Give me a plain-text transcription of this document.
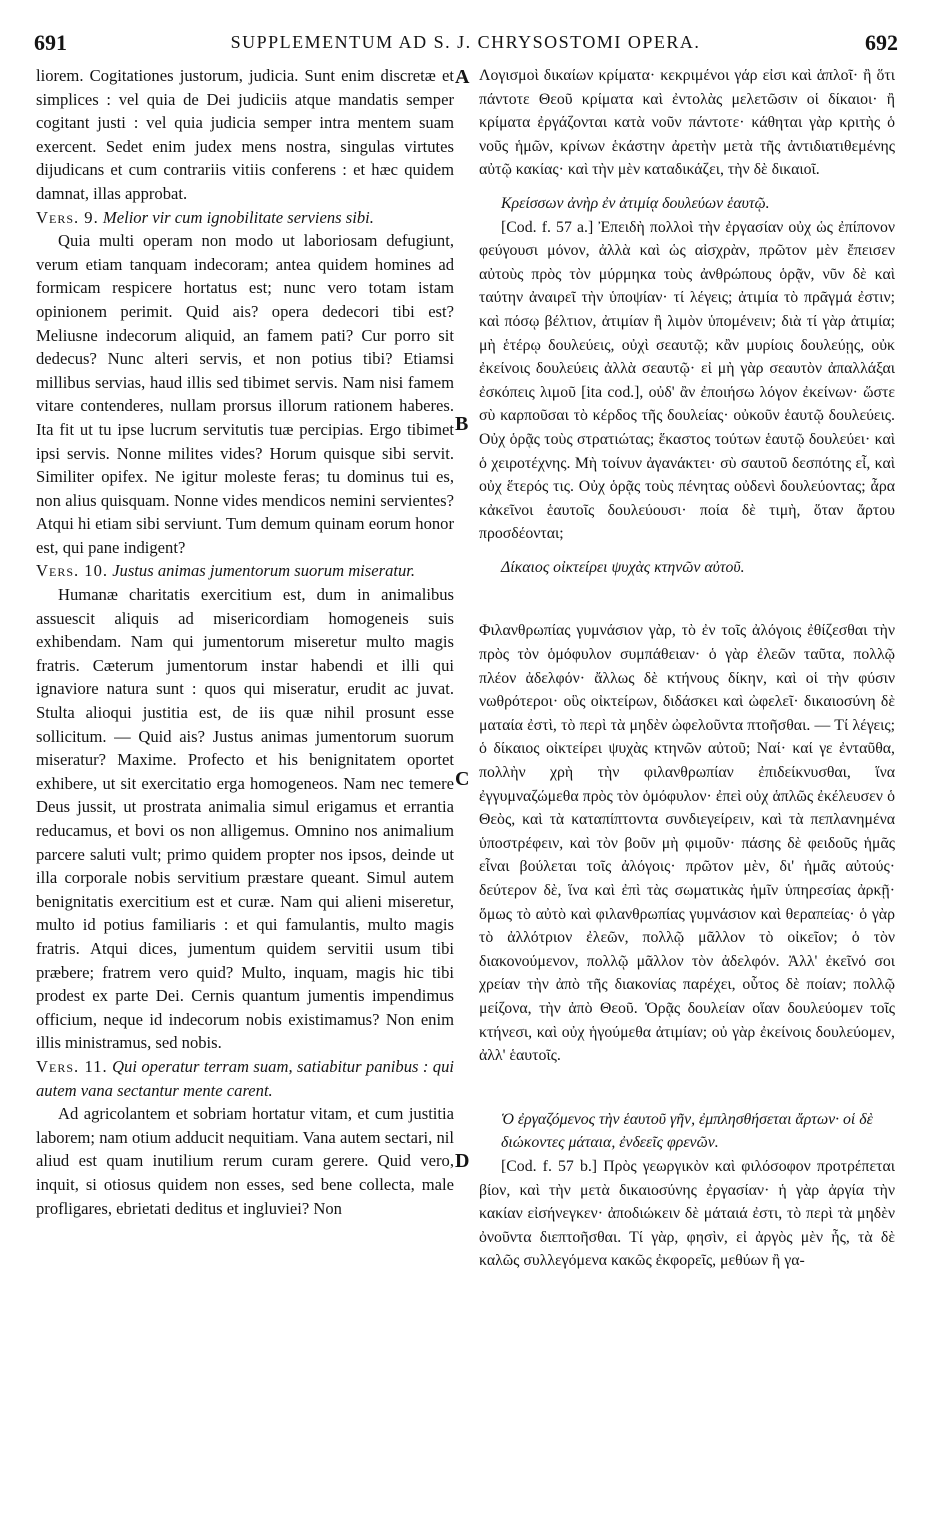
691	SUPPLEMENTUM AD S. J. CHRYSOSTOMI OPERA.	692
A
B
C
D

liorem. Cogitationes justorum, judicia. Sunt enim discretæ et simplices : vel quia de Dei judiciis atque mandatis semper cogitant justi : vel quia judicia semper intra mentem suam exercent. Sedet enim judex mens nostra, singulas virtutes dijudicans et cum contrariis vitiis conferens : et hæc quidem damnat, illas approbat.

Vers. 9. Melior vir cum ignobilitate serviens sibi.

Quia multi operam non modo ut laboriosam defugiunt, verum etiam tanquam indecoram; antea quidem homines ad formicam respicere hortatus est; nunc vero totam istam opinionem perimit. Quid ais? opera dedecori tibi est? Meliusne indecorum aliquid, an famem pati? Cur porro sit dedecus? Nunc alteri servis, et non potius tibi? Etiamsi millibus servias, haud illis sed tibimet servis. Nam nisi famem vitare contenderes, nullam prorsus illorum rationem haberes. Ita fit ut tu ipse lucrum servitutis tuæ percipias. Ergo tibimet ipsi servis. Nonne milites vides? Horum quisque sibi servit. Similiter opifex. Ne igitur moleste feras; tu dominus tui es, non alius quisquam. Nonne vides mendicos nemini servientes? Atqui hi etiam sibi serviunt. Tum demum quinam eorum honor est, qui pane indigent?

Vers. 10. Justus animas jumentorum suorum miseratur.

Humanæ charitatis exercitium est, dum in animalibus assuescit aliquis ad misericordiam homogeneis suis exhibendam. Nam qui jumentorum miseretur multo magis fratris. Cæterum jumentorum instar habendi et illi qui ignaviore natura sunt : quos qui miseratur, erudit ac juvat. Stulta alioqui justitia est, de iis quæ nihil prosunt esse sollicitum. — Quid ais? Justus animas jumentorum suorum miseratur? Maxime. Profecto et his benignitatem oportet exhibere, ut sit exercitatio erga homogeneos. Nam nec temere Deus jussit, ut prostrata animalia simul erigamus et errantia reducamus, et bovi os non alligemus. Omnino nos animalium parcere saluti vult; primo quidem propter nos ipsos, deinde ut illa corporale nobis servitium præstare queant. Simul autem benignitatis exercitium est et curæ. Nam qui alieni miseretur, multo id potius familiaris : et qui famulantis, multo magis fratris. Atqui dices, jumentum quidem servitii usum tibi præbere; fratrem vero quid? Multo, inquam, magis hic tibi prodest ex parte Dei. Cernis quantum jumentis impendimus officium, neque id indecorum nobis existimamus? Non enim illis ministramus, sed nobis.

Vers. 11. Qui operatur terram suam, satiabitur panibus : qui autem vana sectantur mente carent.

Ad agricolantem et sobriam hortatur vitam, et cum justitia laborem; nam otium adducit nequitiam. Vana autem sectari, nil aliud est quam inutilium rerum curam gerere. Quid vero, inquit, si otiosus quidem non esses, sed bene collecta, male profligares, ebrietati deditus et ingluviei? Non

Λογισμοὶ δικαίων κρίματα· κεκριμένοι γάρ εἰσι καὶ ἁπλοῖ· ἢ ὅτι πάντοτε Θεοῦ κρίματα καὶ ἐντολὰς μελετῶσιν οἱ δίκαιοι· ἢ κρίματα ἐργάζονται κατὰ νοῦν πάντοτε· κάθηται γὰρ κριτὴς ὁ νοῦς ἡμῶν, κρίνων ἑκάστην ἀρετὴν μετὰ τῆς ἀντιδιατιθεμένης αὐτῷ κακίας· καὶ τὴν μὲν καταδικάζει, τὴν δὲ δικαιοῖ.

Κρείσσων ἀνὴρ ἐν ἀτιμίᾳ δουλεύων ἑαυτῷ.

[Cod. f. 57 a.] Ἐπειδὴ πολλοὶ τὴν ἐργασίαν οὐχ ὡς ἐπίπονον φεύγουσι μόνον, ἀλλὰ καὶ ὡς αἰσχρὰν, πρῶτον μὲν ἔπεισεν αὐτοὺς πρὸς τὸν μύρμηκα τοὺς ἀνθρώπους ὁρᾷν, νῦν δὲ καὶ ταύτην ἀναιρεῖ τὴν ὑποψίαν· τί λέγεις; ἀτιμία τὸ πρᾶγμά ἐστιν; καὶ πόσῳ βέλτιον, ἀτιμίαν ἢ λιμὸν ὑπομένειν; διὰ τί γὰρ ἀτιμία; μὴ ἑτέρῳ δουλεύεις, οὐχὶ σεαυτῷ; κἂν μυρίοις δουλεύῃς, οὐκ ἐκείνοις δουλεύεις ἀλλὰ σεαυτῷ· εἰ μὴ γὰρ σεαυτὸν ἀπαλλάξαι ἐσκόπεις λιμοῦ [ita cod.], οὐδ' ἂν ἐποιήσω λόγον ἐκείνων· ὥστε σὺ καρποῦσαι τὸ κέρδος τῆς δουλείας· οὐκοῦν ἑαυτῷ δουλεύεις. Οὐχ ὁρᾷς τοὺς στρατιώτας; ἕκαστος τούτων ἑαυτῷ δουλεύει· καὶ ὁ χειροτέχνης. Μὴ τοίνυν ἀγανάκτει· σὺ σαυτοῦ δεσπότης εἶ, καὶ οὐχ ἕτερός τις. Οὐχ ὁρᾷς τοὺς πένητας οὐδενὶ δουλεύοντας; ἆρα κἀκεῖνοι ἑαυτοῖς δουλεύουσι· ποία δὲ τιμὴ, ὅταν ἄρτου προσδέονται;

Δίκαιος οἰκτείρει ψυχὰς κτηνῶν αὐτοῦ.

Φιλανθρωπίας γυμνάσιον γὰρ, τὸ ἐν τοῖς ἀλόγοις ἐθίζεσθαι τὴν πρὸς τὸν ὁμόφυλον συμπάθειαν· ὁ γὰρ ἐλεῶν ταῦτα, πολλῷ πλέον ἀδελφόν· ἄλλως δὲ κτήνους δίκην, καὶ οἱ τὴν φύσιν νωθρότεροι· οὓς οἰκτείρων, διδάσκει καὶ ὠφελεῖ· δικαιοσύνη δὲ ματαία ἐστὶ, τὸ περὶ τὰ μηδὲν ὠφελοῦντα πτοῆσθαι. — Τί λέγεις; ὁ δίκαιος οἰκτείρει ψυχὰς κτηνῶν αὐτοῦ; Ναί· καί γε ἐνταῦθα, πολλὴν χρὴ τὴν φιλανθρωπίαν ἐπιδείκνυσθαι, ἵνα ἐγγυμναζώμεθα πρὸς τὸν ὁμόφυλον· ἐπεὶ οὐχ ἁπλῶς ἐκέλευσεν ὁ Θεὸς, καὶ τὰ καταπίπτοντα συνδιεγείρειν, καὶ τὰ πεπλανημένα ὑποστρέφειν, καὶ τὸν βοῦν μὴ φιμοῦν· πάσης δὲ φειδοῦς ἡμᾶς εἶναι βούλεται τοῖς ἀλόγοις· πρῶτον μὲν, δι' ἡμᾶς αὐτούς· δεύτερον δὲ, ἵνα καὶ ἐπὶ τὰς σωματικὰς ἡμῖν ὑπηρεσίας ἀρκῇ· ὅμως τὸ αὐτὸ καὶ φιλανθρωπίας γυμνάσιον καὶ θεραπείας· ὁ γὰρ τὸ ἀλλότριον ἐλεῶν, πολλῷ μᾶλλον τὸ οἰκεῖον; ὁ τὸν διακονούμενον, πολλῷ μᾶλλον τὸν ἀδελφόν. Ἀλλ' ἐκεῖνό σοι χρείαν τὴν ἀπὸ τῆς διακονίας παρέχει, οὗτος δὲ ποίαν; πολλῷ μείζονα, τὴν ἀπὸ Θεοῦ. Ὁρᾷς δουλείαν οἵαν δουλεύομεν τοῖς κτήνεσι, καὶ οὐχ ἡγούμεθα ἀτιμίαν; οὐ γὰρ ἐκείνοις δουλεύομεν, ἀλλ' ἑαυτοῖς.

Ὁ ἐργαζόμενος τὴν ἑαυτοῦ γῆν, ἐμπλησθήσεται ἄρτων· οἱ δὲ διώκοντες μάταια, ἐνδεεῖς φρενῶν.

[Cod. f. 57 b.] Πρὸς γεωργικὸν καὶ φιλόσοφον προτρέπεται βίον, καὶ τὴν μετὰ δικαιοσύνης ἐργασίαν· ἡ γὰρ ἀργία τὴν κακίαν εἰσήνεγκεν· ἀποδιώκειν δὲ μάταιά ἐστι, τὸ περὶ τὰ μηδὲν ὀνοῦντα διεπτοῆσθαι. Τί γὰρ, φησὶν, εἰ ἀργὸς μὲν ἦς, τὰ δὲ καλῶς συλλεγόμενα κακῶς ἐκφορεῖς, μεθύων ἢ γα-
